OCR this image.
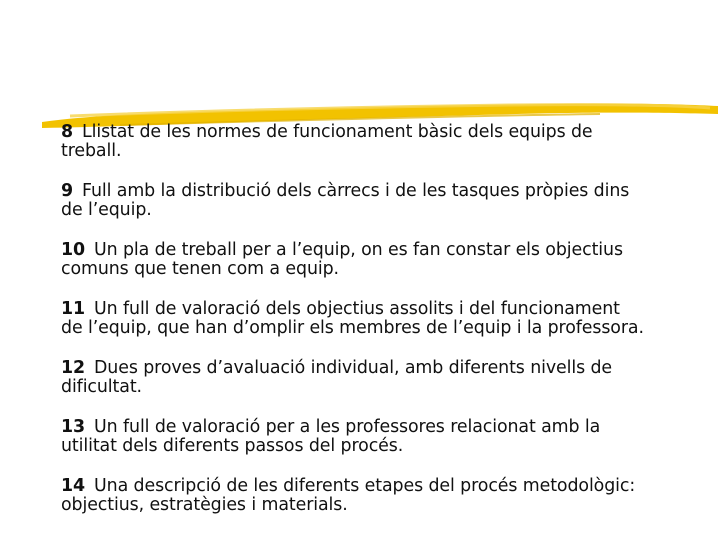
8 Llistat de les normes de funcionament bàsic dels equips de
treball.
9 Full amb la distribució dels càrrecs i de les tasques pròpies dins
de l’equip.
10 Un pla de treball per a l’equip, on es fan constar els objectius
comuns que tenen com a equip.
11 Un full de valoració dels objectius assolits i del funcionament
de l’equip, que han d’omplir els membres de l’equip i la professora.
12 Dues proves d’avaluació individual, amb diferents nivells de
dificultat.
13 Un full de valoració per a les professores relacionat amb la
utilitat dels diferents passos del procés.
14 Una descripció de les diferents etapes del procés metodològic:
objectius, estratègies i materials.
